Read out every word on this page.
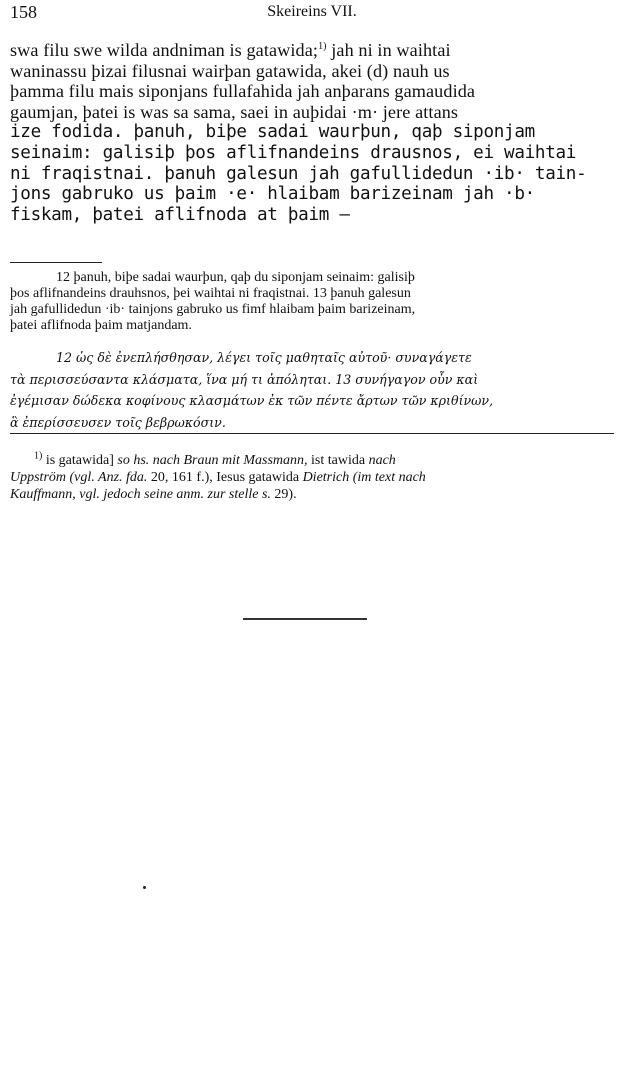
158	Skeireins VII.
swa filu swe wilda andniman is gatawida;$^{1)}$ jah ni in waihtai
waninassu þizai filusnai wairþan gatawida, akei (d) nauh us
þamma filu mais siponjans fullafahida jah anþarans gamaudida
gaumjan, þatei is was sa sama, saei in auþidai ·m· jere attans
ize fodida. þanuh, biþe sadai waurþun, qaþ siponjam
seinaim: galisiþ þos aflifnandeins drausnos, ei waihtai
ni fraqistnai. þanuh galesun jah gafullidedun ·ib· tain-
jons gabruko us þaim ·e· hlaibam barizeinam jah ·b·
fiskam, þatei aflifnoda at þaim —
12 þanuh, biþe sadai waurþun, qaþ du siponjam seinaim: galisiþ
þos aflifnandeins drauhsnos, þei waihtai ni fraqistnai. 13 þanuh galesun
jah gafullidedun ·ib· tainjons gabruko us fimf hlaibam þaim barizeinam,
þatei aflifnoda þaim matjandam.
12 ὡς δὲ ἐνεπλήσθησαν, λέγει τοῖς μαθηταῖς αὐτοῦ· συναγάγετε
τὰ περισσεύσαντα κλάσματα, ἵνα μή τι ἀπόληται. 13 συνήγαγον οὖν καὶ
ἐγέμισαν δώδεκα κοφίνους κλασμάτων ἐκ τῶν πέντε ἄρτων τῶν κριθίνων,
ἃ ἐπερίσσευσεν τοῖς βεβρωκόσιν.
$^{1)}$ is gatawida] so hs. nach Braun mit Massmann, ist tawida nach
Uppström (vgl. Anz. fda. 20, 161 f.), Iesus gatawida Dietrich (im text nach
Kauffmann, vgl. jedoch seine anm. zur stelle s. 29).
